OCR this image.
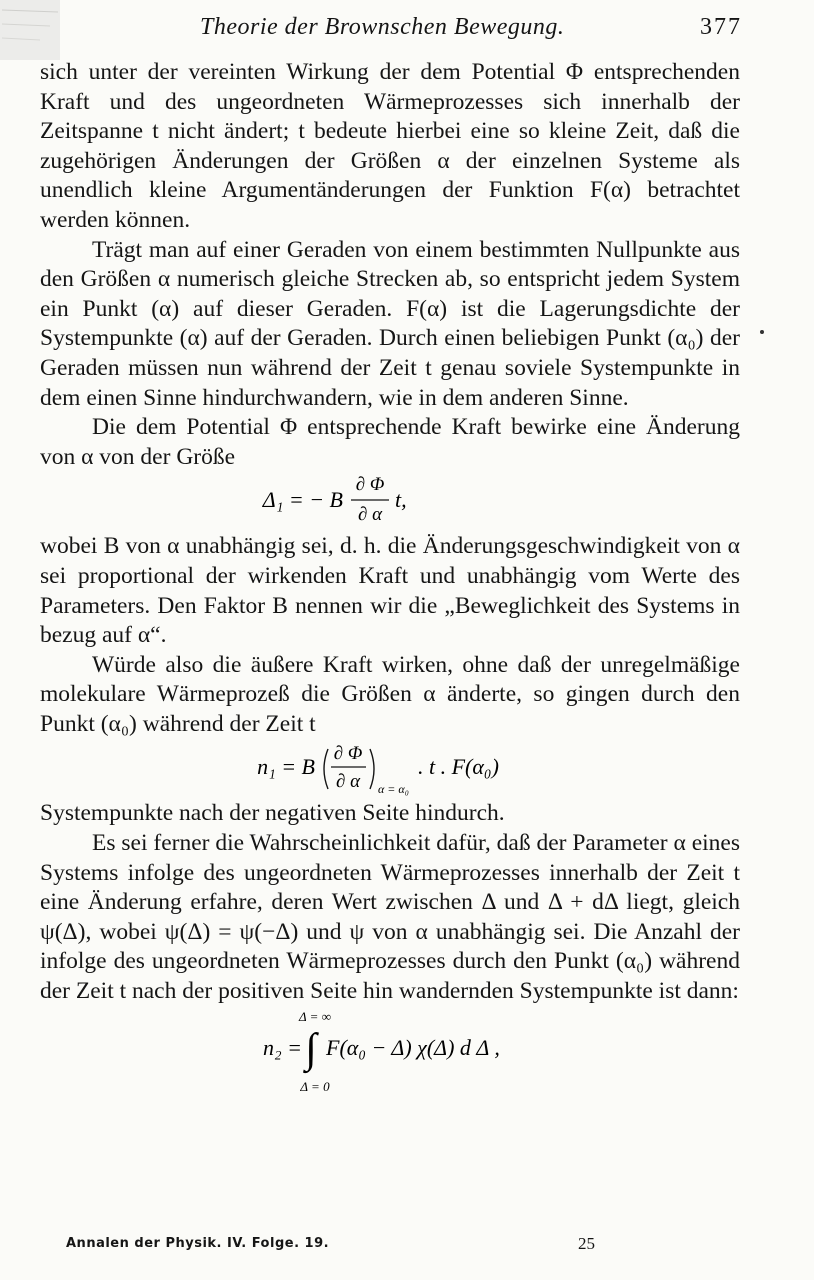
Theorie der Brownschen Bewegung.	377

sich unter der vereinten Wirkung der dem Potential Φ entsprechenden Kraft und des ungeordneten Wärmeprozesses sich innerhalb der Zeitspanne t nicht ändert; t bedeute hierbei eine so kleine Zeit, daß die zugehörigen Änderungen der Größen α der einzelnen Systeme als unendlich kleine Argumentänderungen der Funktion F(α) betrachtet werden können.

Trägt man auf einer Geraden von einem bestimmten Nullpunkte aus den Größen α numerisch gleiche Strecken ab, so entspricht jedem System ein Punkt (α) auf dieser Geraden. F(α) ist die Lagerungsdichte der Systempunkte (α) auf der Geraden. Durch einen beliebigen Punkt (α₀) der Geraden müssen nun während der Zeit t genau soviele Systempunkte in dem einen Sinne hindurchwandern, wie in dem anderen Sinne.

Die dem Potential Φ entsprechende Kraft bewirke eine Änderung von α von der Größe

Δ₁ = − B
∂ Φ
∂ α
t,

wobei B von α unabhängig sei, d. h. die Änderungsgeschwindigkeit von α sei proportional der wirkenden Kraft und unabhängig vom Werte des Parameters. Den Faktor B nennen wir die „Beweglichkeit des Systems in bezug auf α“.

Würde also die äußere Kraft wirken, ohne daß der unregelmäßige molekulare Wärmeprozeß die Größen α änderte, so gingen durch den Punkt (α₀) während der Zeit t

n₁ = B
∂ Φ
∂ α α = α₀
. t . F(α₀)

Systempunkte nach der negativen Seite hindurch.

Es sei ferner die Wahrscheinlichkeit dafür, daß der Parameter α eines Systems infolge des ungeordneten Wärmeprozesses innerhalb der Zeit t eine Änderung erfahre, deren Wert zwischen Δ und Δ + dΔ liegt, gleich ψ(Δ), wobei ψ(Δ) = ψ(−Δ) und ψ von α unabhängig sei. Die Anzahl der infolge des ungeordneten Wärmeprozesses durch den Punkt (α₀) während der Zeit t nach der positiven Seite hin wandernden Systempunkte ist dann:

n₂ =
Δ = ∞
∫
Δ = 0
F(α₀ − Δ) χ(Δ) d Δ ,
Annalen der Physik. IV. Folge. 19.	25
